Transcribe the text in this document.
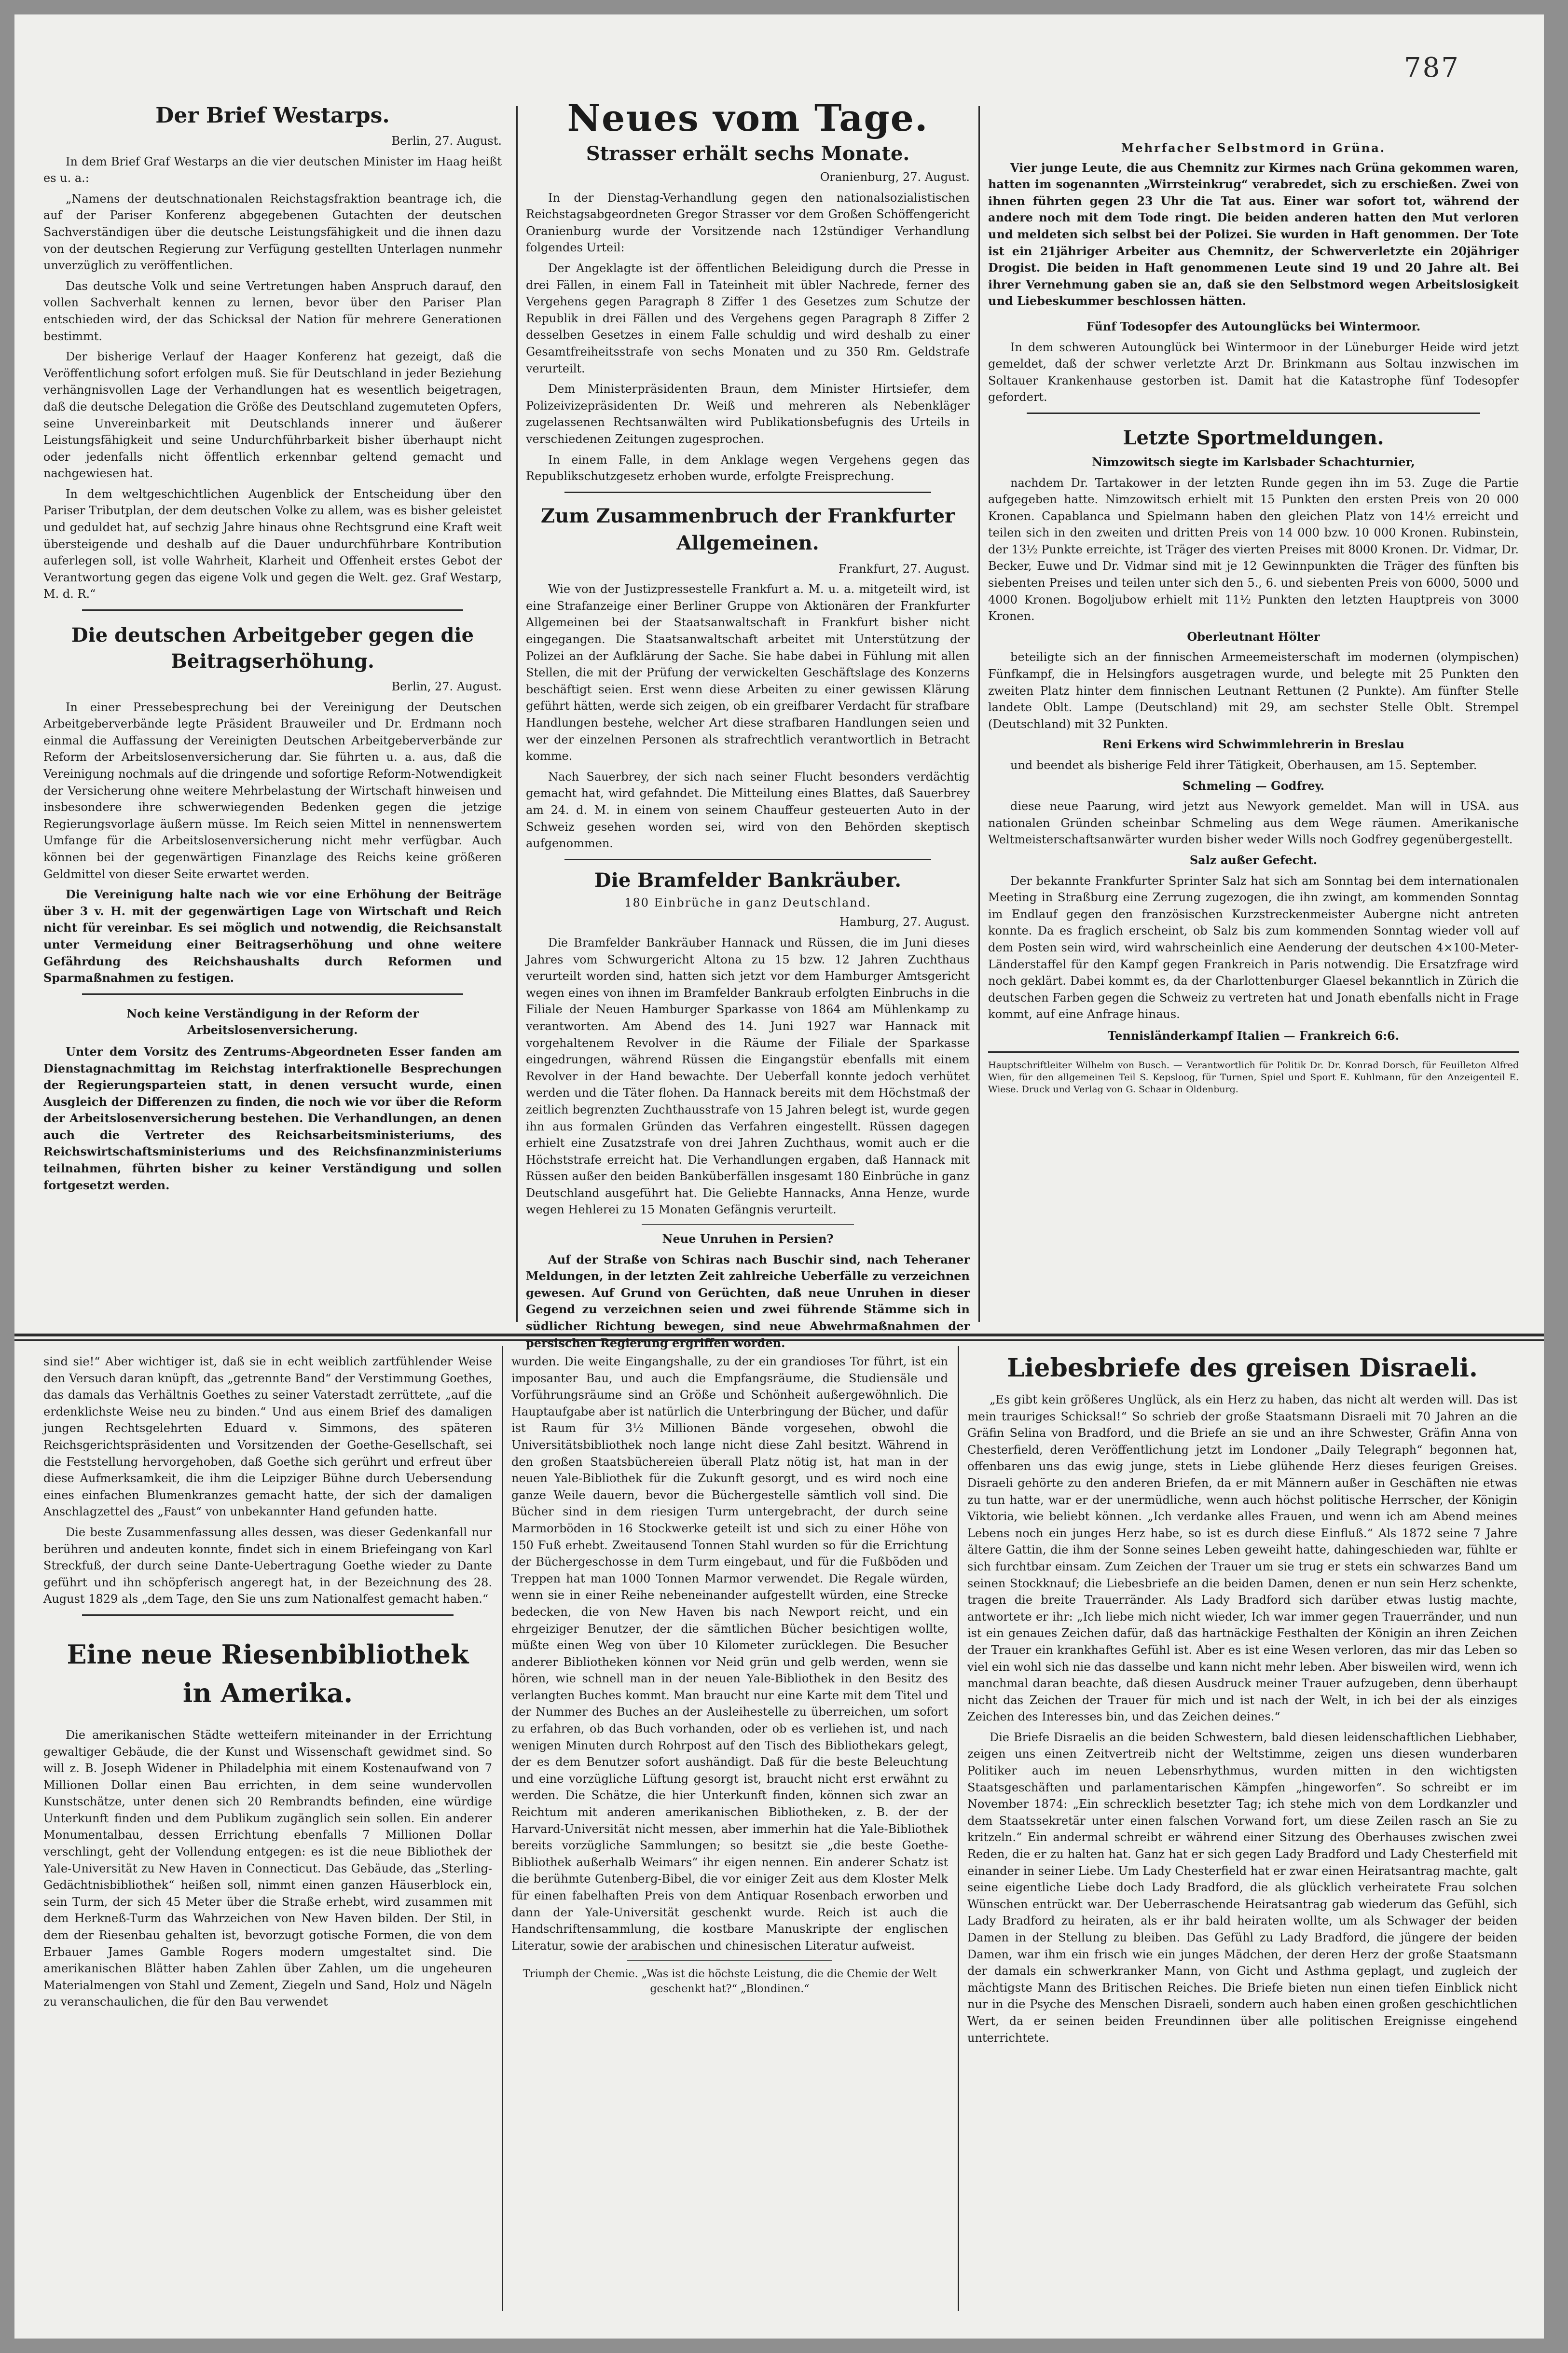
787
Der Brief Westarps.

Berlin, 27. August.

In dem Brief Graf Westarps an die vier deutschen Minister im Haag heißt es u. a.:

„Namens der deutschnationalen Reichstagsfraktion beantrage ich, die auf der Pariser Konferenz abgegebenen Gutachten der deutschen Sachverständigen über die deutsche Leistungsfähigkeit und die ihnen dazu von der deutschen Regierung zur Verfügung gestellten Unterlagen nunmehr unverzüglich zu veröffentlichen.

Das deutsche Volk und seine Vertretungen haben Anspruch darauf, den vollen Sachverhalt kennen zu lernen, bevor über den Pariser Plan entschieden wird, der das Schicksal der Nation für mehrere Generationen bestimmt.

Der bisherige Verlauf der Haager Konferenz hat gezeigt, daß die Veröffentlichung sofort erfolgen muß. Sie für Deutschland in jeder Beziehung verhängnisvollen Lage der Verhandlungen hat es wesentlich beigetragen, daß die deutsche Delegation die Größe des Deutschland zugemuteten Opfers, seine Unvereinbarkeit mit Deutschlands innerer und äußerer Leistungsfähigkeit und seine Undurchführbarkeit bisher überhaupt nicht oder jedenfalls nicht öffentlich erkennbar geltend gemacht und nachgewiesen hat.

In dem weltgeschichtlichen Augenblick der Entscheidung über den Pariser Tributplan, der dem deutschen Volke zu allem, was es bisher geleistet und geduldet hat, auf sechzig Jahre hinaus ohne Rechtsgrund eine Kraft weit übersteigende und deshalb auf die Dauer undurchführbare Kontribution auferlegen soll, ist volle Wahrheit, Klarheit und Offenheit erstes Gebot der Verantwortung gegen das eigene Volk und gegen die Welt. gez. Graf Westarp, M. d. R.“

Die deutschen Arbeitgeber gegen die Beitragserhöhung.

Berlin, 27. August.

In einer Pressebesprechung bei der Vereinigung der Deutschen Arbeitgeberverbände legte Präsident Brauweiler und Dr. Erdmann noch einmal die Auffassung der Vereinigten Deutschen Arbeitgeberverbände zur Reform der Arbeitslosenversicherung dar. Sie führten u. a. aus, daß die Vereinigung nochmals auf die dringende und sofortige Reform-Notwendigkeit der Versicherung ohne weitere Mehrbelastung der Wirtschaft hinweisen und insbesondere ihre schwerwiegenden Bedenken gegen die jetzige Regierungsvorlage äußern müsse. Im Reich seien Mittel in nennenswertem Umfange für die Arbeitslosenversicherung nicht mehr verfügbar. Auch können bei der gegenwärtigen Finanzlage des Reichs keine größeren Geldmittel von dieser Seite erwartet werden.

Die Vereinigung halte nach wie vor eine Erhöhung der Beiträge über 3 v. H. mit der gegenwärtigen Lage von Wirtschaft und Reich nicht für vereinbar. Es sei möglich und notwendig, die Reichsanstalt unter Vermeidung einer Beitragserhöhung und ohne weitere Gefährdung des Reichshaushalts durch Reformen und Sparmaßnahmen zu festigen.

Noch keine Verständigung in der Reform der Arbeitslosenversicherung.

Unter dem Vorsitz des Zentrums-Abgeordneten Esser fanden am Dienstagnachmittag im Reichstag interfraktionelle Besprechungen der Regierungsparteien statt, in denen versucht wurde, einen Ausgleich der Differenzen zu finden, die noch wie vor über die Reform der Arbeitslosenversicherung bestehen. Die Verhandlungen, an denen auch die Vertreter des Reichsarbeitsministeriums, des Reichswirtschaftsministeriums und des Reichsfinanzministeriums teilnahmen, führten bisher zu keiner Verständigung und sollen fortgesetzt werden.

Neues vom Tage.
Strasser erhält sechs Monate.

Oranienburg, 27. August.

In der Dienstag-Verhandlung gegen den nationalsozialistischen Reichstagsabgeordneten Gregor Strasser vor dem Großen Schöffengericht Oranienburg wurde der Vorsitzende nach 12stündiger Verhandlung folgendes Urteil:

Der Angeklagte ist der öffentlichen Beleidigung durch die Presse in drei Fällen, in einem Fall in Tateinheit mit übler Nachrede, ferner des Vergehens gegen Paragraph 8 Ziffer 1 des Gesetzes zum Schutze der Republik in drei Fällen und des Vergehens gegen Paragraph 8 Ziffer 2 desselben Gesetzes in einem Falle schuldig und wird deshalb zu einer Gesamtfreiheitsstrafe von sechs Monaten und zu 350 Rm. Geldstrafe verurteilt.

Dem Ministerpräsidenten Braun, dem Minister Hirtsiefer, dem Polizeivizepräsidenten Dr. Weiß und mehreren als Nebenkläger zugelassenen Rechtsanwälten wird Publikationsbefugnis des Urteils in verschiedenen Zeitungen zugesprochen.

In einem Falle, in dem Anklage wegen Vergehens gegen das Republikschutzgesetz erhoben wurde, erfolgte Freisprechung.

Zum Zusammenbruch der Frankfurter Allgemeinen.

Frankfurt, 27. August.

Wie von der Justizpressestelle Frankfurt a. M. u. a. mitgeteilt wird, ist eine Strafanzeige einer Berliner Gruppe von Aktionären der Frankfurter Allgemeinen bei der Staatsanwaltschaft in Frankfurt bisher nicht eingegangen. Die Staatsanwaltschaft arbeitet mit Unterstützung der Polizei an der Aufklärung der Sache. Sie habe dabei in Fühlung mit allen Stellen, die mit der Prüfung der verwickelten Geschäftslage des Konzerns beschäftigt seien. Erst wenn diese Arbeiten zu einer gewissen Klärung geführt hätten, werde sich zeigen, ob ein greifbarer Verdacht für strafbare Handlungen bestehe, welcher Art diese strafbaren Handlungen seien und wer der einzelnen Personen als strafrechtlich verantwortlich in Betracht komme.

Nach Sauerbrey, der sich nach seiner Flucht besonders verdächtig gemacht hat, wird gefahndet. Die Mitteilung eines Blattes, daß Sauerbrey am 24. d. M. in einem von seinem Chauffeur gesteuerten Auto in der Schweiz gesehen worden sei, wird von den Behörden skeptisch aufgenommen.

Die Bramfelder Bankräuber.

180 Einbrüche in ganz Deutschland.

Hamburg, 27. August.

Die Bramfelder Bankräuber Hannack und Rüssen, die im Juni dieses Jahres vom Schwurgericht Altona zu 15 bzw. 12 Jahren Zuchthaus verurteilt worden sind, hatten sich jetzt vor dem Hamburger Amtsgericht wegen eines von ihnen im Bramfelder Bankraub erfolgten Einbruchs in die Filiale der Neuen Hamburger Sparkasse von 1864 am Mühlenkamp zu verantworten. Am Abend des 14. Juni 1927 war Hannack mit vorgehaltenem Revolver in die Räume der Filiale der Sparkasse eingedrungen, während Rüssen die Eingangstür ebenfalls mit einem Revolver in der Hand bewachte. Der Ueberfall konnte jedoch verhütet werden und die Täter flohen. Da Hannack bereits mit dem Höchstmaß der zeitlich begrenzten Zuchthausstrafe von 15 Jahren belegt ist, wurde gegen ihn aus formalen Gründen das Verfahren eingestellt. Rüssen dagegen erhielt eine Zusatzstrafe von drei Jahren Zuchthaus, womit auch er die Höchststrafe erreicht hat. Die Verhandlungen ergaben, daß Hannack mit Rüssen außer den beiden Banküberfällen insgesamt 180 Einbrüche in ganz Deutschland ausgeführt hat. Die Geliebte Hannacks, Anna Henze, wurde wegen Hehlerei zu 15 Monaten Gefängnis verurteilt.

Neue Unruhen in Persien?

Auf der Straße von Schiras nach Buschir sind, nach Teheraner Meldungen, in der letzten Zeit zahlreiche Ueberfälle zu verzeichnen gewesen. Auf Grund von Gerüchten, daß neue Unruhen in dieser Gegend zu verzeichnen seien und zwei führende Stämme sich in südlicher Richtung bewegen, sind neue Abwehrmaßnahmen der persischen Regierung ergriffen worden.

Mehrfacher Selbstmord in Grüna.

Vier junge Leute, die aus Chemnitz zur Kirmes nach Grüna gekommen waren, hatten im sogenannten „Wirrsteinkrug“ verabredet, sich zu erschießen. Zwei von ihnen führten gegen 23 Uhr die Tat aus. Einer war sofort tot, während der andere noch mit dem Tode ringt. Die beiden anderen hatten den Mut verloren und meldeten sich selbst bei der Polizei. Sie wurden in Haft genommen. Der Tote ist ein 21jähriger Arbeiter aus Chemnitz, der Schwerverletzte ein 20jähriger Drogist. Die beiden in Haft genommenen Leute sind 19 und 20 Jahre alt. Bei ihrer Vernehmung gaben sie an, daß sie den Selbstmord wegen Arbeitslosigkeit und Liebeskummer beschlossen hätten.

Fünf Todesopfer des Autounglücks bei Wintermoor.

In dem schweren Autounglück bei Wintermoor in der Lüneburger Heide wird jetzt gemeldet, daß der schwer verletzte Arzt Dr. Brinkmann aus Soltau inzwischen im Soltauer Krankenhause gestorben ist. Damit hat die Katastrophe fünf Todesopfer gefordert.

Letzte Sportmeldungen.

Nimzowitsch siegte im Karlsbader Schachturnier,

nachdem Dr. Tartakower in der letzten Runde gegen ihn im 53. Zuge die Partie aufgegeben hatte. Nimzowitsch erhielt mit 15 Punkten den ersten Preis von 20 000 Kronen. Capablanca und Spielmann haben den gleichen Platz von 14½ erreicht und teilen sich in den zweiten und dritten Preis von 14 000 bzw. 10 000 Kronen. Rubinstein, der 13½ Punkte erreichte, ist Träger des vierten Preises mit 8000 Kronen. Dr. Vidmar, Dr. Becker, Euwe und Dr. Vidmar sind mit je 12 Gewinnpunkten die Träger des fünften bis siebenten Preises und teilen unter sich den 5., 6. und siebenten Preis von 6000, 5000 und 4000 Kronen. Bogoljubow erhielt mit 11½ Punkten den letzten Hauptpreis von 3000 Kronen.

Oberleutnant Hölter

beteiligte sich an der finnischen Armeemeisterschaft im modernen (olympischen) Fünfkampf, die in Helsingfors ausgetragen wurde, und belegte mit 25 Punkten den zweiten Platz hinter dem finnischen Leutnant Rettunen (2 Punkte). Am fünfter Stelle landete Oblt. Lampe (Deutschland) mit 29, am sechster Stelle Oblt. Strempel (Deutschland) mit 32 Punkten.

Reni Erkens wird Schwimmlehrerin in Breslau

und beendet als bisherige Feld ihrer Tätigkeit, Oberhausen, am 15. September.

Schmeling — Godfrey.

diese neue Paarung, wird jetzt aus Newyork gemeldet. Man will in USA. aus nationalen Gründen scheinbar Schmeling aus dem Wege räumen. Amerikanische Weltmeisterschaftsanwärter wurden bisher weder Wills noch Godfrey gegenübergestellt.

Salz außer Gefecht.

Der bekannte Frankfurter Sprinter Salz hat sich am Sonntag bei dem internationalen Meeting in Straßburg eine Zerrung zugezogen, die ihn zwingt, am kommenden Sonntag im Endlauf gegen den französischen Kurzstreckenmeister Aubergne nicht antreten konnte. Da es fraglich erscheint, ob Salz bis zum kommenden Sonntag wieder voll auf dem Posten sein wird, wird wahrscheinlich eine Aenderung der deutschen 4×100-Meter-Länderstaffel für den Kampf gegen Frankreich in Paris notwendig. Die Ersatzfrage wird noch geklärt. Dabei kommt es, da der Charlottenburger Glaesel bekanntlich in Zürich die deutschen Farben gegen die Schweiz zu vertreten hat und Jonath ebenfalls nicht in Frage kommt, auf eine Anfrage hinaus.

Tennisländerkampf Italien — Frankreich 6:6.

Hauptschriftleiter Wilhelm von Busch. — Verantwortlich für Politik Dr. Dr. Konrad Dorsch, für Feuilleton Alfred Wien, für den allgemeinen Teil S. Kepsloog, für Turnen, Spiel und Sport E. Kuhlmann, für den Anzeigenteil E. Wiese. Druck und Verlag von G. Schaar in Oldenburg.

sind sie!“ Aber wichtiger ist, daß sie in echt weiblich zartfühlender Weise den Versuch daran knüpft, das „getrennte Band“ der Verstimmung Goethes, das damals das Verhältnis Goethes zu seiner Vaterstadt zerrüttete, „auf die erdenklichste Weise neu zu binden.“ Und aus einem Brief des damaligen jungen Rechtsgelehrten Eduard v. Simmons, des späteren Reichsgerichtspräsidenten und Vorsitzenden der Goethe-Gesellschaft, sei die Feststellung hervorgehoben, daß Goethe sich gerührt und erfreut über diese Aufmerksamkeit, die ihm die Leipziger Bühne durch Uebersendung eines einfachen Blumenkranzes gemacht hatte, der sich der damaligen Anschlagzettel des „Faust“ von unbekannter Hand gefunden hatte.

Die beste Zusammenfassung alles dessen, was dieser Gedenkanfall nur berühren und andeuten konnte, findet sich in einem Briefeingang von Karl Streckfuß, der durch seine Dante-Uebertragung Goethe wieder zu Dante geführt und ihn schöpferisch angeregt hat, in der Bezeichnung des 28. August 1829 als „dem Tage, den Sie uns zum Nationalfest gemacht haben.“

Eine neue Riesenbibliothek in Amerika.

Die amerikanischen Städte wetteifern miteinander in der Errichtung gewaltiger Gebäude, die der Kunst und Wissenschaft gewidmet sind. So will z. B. Joseph Widener in Philadelphia mit einem Kostenaufwand von 7 Millionen Dollar einen Bau errichten, in dem seine wundervollen Kunstschätze, unter denen sich 20 Rembrandts befinden, eine würdige Unterkunft finden und dem Publikum zugänglich sein sollen. Ein anderer Monumentalbau, dessen Errichtung ebenfalls 7 Millionen Dollar verschlingt, geht der Vollendung entgegen: es ist die neue Bibliothek der Yale-Universität zu New Haven in Connecticut. Das Gebäude, das „Sterling-Gedächtnisbibliothek“ heißen soll, nimmt einen ganzen Häuserblock ein, sein Turm, der sich 45 Meter über die Straße erhebt, wird zusammen mit dem Herkneß-Turm das Wahrzeichen von New Haven bilden. Der Stil, in dem der Riesenbau gehalten ist, bevorzugt gotische Formen, die von dem Erbauer James Gamble Rogers modern umgestaltet sind. Die amerikanischen Blätter haben Zahlen über Zahlen, um die ungeheuren Materialmengen von Stahl und Zement, Ziegeln und Sand, Holz und Nägeln zu veranschaulichen, die für den Bau verwendet

wurden. Die weite Eingangshalle, zu der ein grandioses Tor führt, ist ein imposanter Bau, und auch die Empfangsräume, die Studiensäle und Vorführungsräume sind an Größe und Schönheit außergewöhnlich. Die Hauptaufgabe aber ist natürlich die Unterbringung der Bücher, und dafür ist Raum für 3½ Millionen Bände vorgesehen, obwohl die Universitätsbibliothek noch lange nicht diese Zahl besitzt. Während in den großen Staatsbüchereien überall Platz nötig ist, hat man in der neuen Yale-Bibliothek für die Zukunft gesorgt, und es wird noch eine ganze Weile dauern, bevor die Büchergestelle sämtlich voll sind. Die Bücher sind in dem riesigen Turm untergebracht, der durch seine Marmorböden in 16 Stockwerke geteilt ist und sich zu einer Höhe von 150 Fuß erhebt. Zweitausend Tonnen Stahl wurden so für die Errichtung der Büchergeschosse in dem Turm eingebaut, und für die Fußböden und Treppen hat man 1000 Tonnen Marmor verwendet. Die Regale würden, wenn sie in einer Reihe nebeneinander aufgestellt würden, eine Strecke bedecken, die von New Haven bis nach Newport reicht, und ein ehrgeiziger Benutzer, der die sämtlichen Bücher besichtigen wollte, müßte einen Weg von über 10 Kilometer zurücklegen. Die Besucher anderer Bibliotheken können vor Neid grün und gelb werden, wenn sie hören, wie schnell man in der neuen Yale-Bibliothek in den Besitz des verlangten Buches kommt. Man braucht nur eine Karte mit dem Titel und der Nummer des Buches an der Ausleihestelle zu überreichen, um sofort zu erfahren, ob das Buch vorhanden, oder ob es verliehen ist, und nach wenigen Minuten durch Rohrpost auf den Tisch des Bibliothekars gelegt, der es dem Benutzer sofort aushändigt. Daß für die beste Beleuchtung und eine vorzügliche Lüftung gesorgt ist, braucht nicht erst erwähnt zu werden. Die Schätze, die hier Unterkunft finden, können sich zwar an Reichtum mit anderen amerikanischen Bibliotheken, z. B. der der Harvard-Universität nicht messen, aber immerhin hat die Yale-Bibliothek bereits vorzügliche Sammlungen; so besitzt sie „die beste Goethe-Bibliothek außerhalb Weimars“ ihr eigen nennen. Ein anderer Schatz ist die berühmte Gutenberg-Bibel, die vor einiger Zeit aus dem Kloster Melk für einen fabelhaften Preis von dem Antiquar Rosenbach erworben und dann der Yale-Universität geschenkt wurde. Reich ist auch die Handschriftensammlung, die kostbare Manuskripte der englischen Literatur, sowie der arabischen und chinesischen Literatur aufweist.

Triumph der Chemie. „Was ist die höchste Leistung, die die Chemie der Welt geschenkt hat?“ „Blondinen.“

Liebesbriefe des greisen Disraeli.

„Es gibt kein größeres Unglück, als ein Herz zu haben, das nicht alt werden will. Das ist mein trauriges Schicksal!“ So schrieb der große Staatsmann Disraeli mit 70 Jahren an die Gräfin Selina von Bradford, und die Briefe an sie und an ihre Schwester, Gräfin Anna von Chesterfield, deren Veröffentlichung jetzt im Londoner „Daily Telegraph“ begonnen hat, offenbaren uns das ewig junge, stets in Liebe glühende Herz dieses feurigen Greises. Disraeli gehörte zu den anderen Briefen, da er mit Männern außer in Geschäften nie etwas zu tun hatte, war er der unermüdliche, wenn auch höchst politische Herrscher, der Königin Viktoria, wie beliebt können. „Ich verdanke alles Frauen, und wenn ich am Abend meines Lebens noch ein junges Herz habe, so ist es durch diese Einfluß.“ Als 1872 seine 7 Jahre ältere Gattin, die ihm der Sonne seines Leben geweiht hatte, dahingeschieden war, fühlte er sich furchtbar einsam. Zum Zeichen der Trauer um sie trug er stets ein schwarzes Band um seinen Stockknauf; die Liebesbriefe an die beiden Damen, denen er nun sein Herz schenkte, tragen die breite Trauerränder. Als Lady Bradford sich darüber etwas lustig machte, antwortete er ihr: „Ich liebe mich nicht wieder, Ich war immer gegen Trauerränder, und nun ist ein genaues Zeichen dafür, daß das hartnäckige Festhalten der Königin an ihren Zeichen der Trauer ein krankhaftes Gefühl ist. Aber es ist eine Wesen verloren, das mir das Leben so viel ein wohl sich nie das dasselbe und kann nicht mehr leben. Aber bisweilen wird, wenn ich manchmal daran beachte, daß diesen Ausdruck meiner Trauer aufzugeben, denn überhaupt nicht das Zeichen der Trauer für mich und ist nach der Welt, in ich bei der als einziges Zeichen des Interesses bin, und das Zeichen deines.“

Die Briefe Disraelis an die beiden Schwestern, bald diesen leidenschaftlichen Liebhaber, zeigen uns einen Zeitvertreib nicht der Weltstimme, zeigen uns diesen wunderbaren Politiker auch im neuen Lebensrhythmus, wurden mitten in den wichtigsten Staatsgeschäften und parlamentarischen Kämpfen „hingeworfen“. So schreibt er im November 1874: „Ein schrecklich besetzter Tag; ich stehe mich von dem Lordkanzler und dem Staatssekretär unter einen falschen Vorwand fort, um diese Zeilen rasch an Sie zu kritzeln.“ Ein andermal schreibt er während einer Sitzung des Oberhauses zwischen zwei Reden, die er zu halten hat. Ganz hat er sich gegen Lady Bradford und Lady Chesterfield mit einander in seiner Liebe. Um Lady Chesterfield hat er zwar einen Heiratsantrag machte, galt seine eigentliche Liebe doch Lady Bradford, die als glücklich verheiratete Frau solchen Wünschen entrückt war. Der Ueberraschende Heiratsantrag gab wiederum das Gefühl, sich Lady Bradford zu heiraten, als er ihr bald heiraten wollte, um als Schwager der beiden Damen in der Stellung zu bleiben. Das Gefühl zu Lady Bradford, die jüngere der beiden Damen, war ihm ein frisch wie ein junges Mädchen, der deren Herz der große Staatsmann der damals ein schwerkranker Mann, von Gicht und Asthma geplagt, und zugleich der mächtigste Mann des Britischen Reiches. Die Briefe bieten nun einen tiefen Einblick nicht nur in die Psyche des Menschen Disraeli, sondern auch haben einen großen geschichtlichen Wert, da er seinen beiden Freundinnen über alle politischen Ereignisse eingehend unterrichtete.
